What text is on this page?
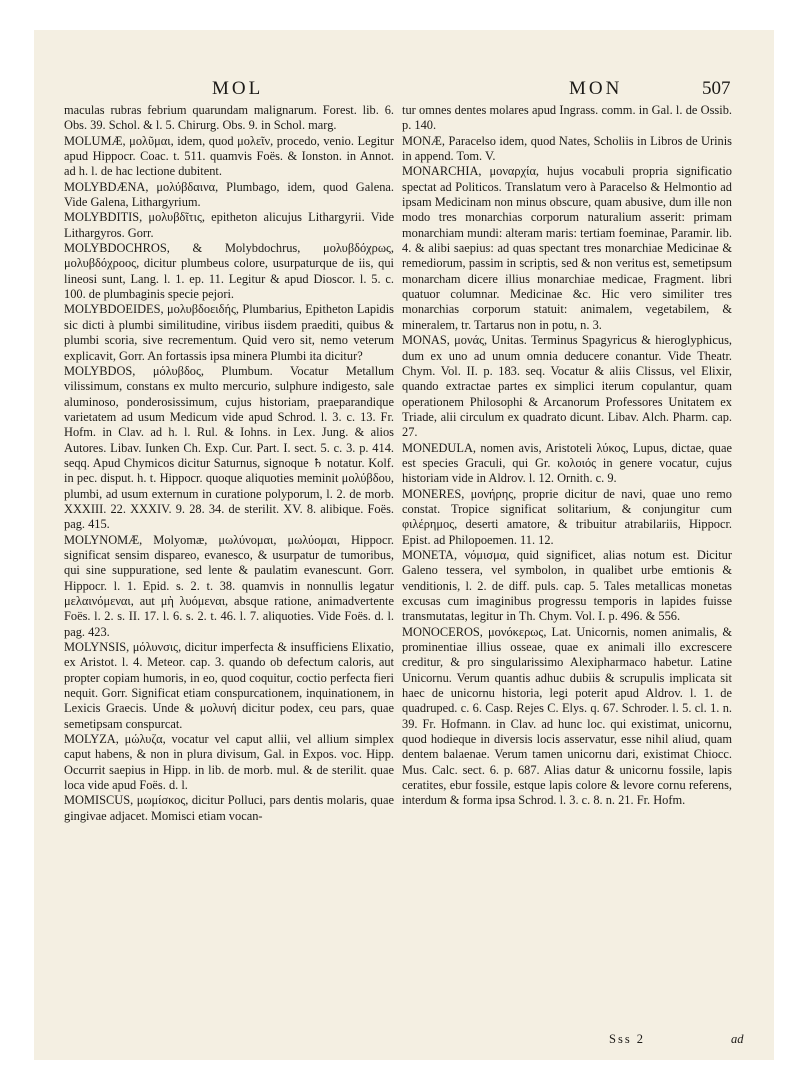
MOL	MON	507

maculas rubras febrium quarundam malignarum. Forest. lib. 6. Obs. 39. Schol. & l. 5. Chirurg. Obs. 9. in Schol. marg.

MOLUMÆ, μολῦμαι, idem, quod μολεῖν, procedo, venio. Legitur apud Hippocr. Coac. t. 511. quamvis Foës. & Ionston. in Annot. ad h. l. de hac lectione dubitent.

MOLYBDÆNA, μολύβδαινα, Plumbago, idem, quod Galena. Vide Galena, Lithargyrium.

MOLYBDITIS, μολυβδῖτις, epitheton alicujus Lithargyrii. Vide Lithargyros. Gorr.

MOLYBDOCHROS, & Molybdochrus, μολυβδόχρως, μολυβδόχροος, dicitur plumbeus colore, usurpaturque de iis, qui lineosi sunt, Lang. l. 1. ep. 11. Legitur & apud Dioscor. l. 5. c. 100. de plumbaginis specie pejori.

MOLYBDOEIDES, μολυβδοειδής, Plumbarius, Epitheton Lapidis sic dicti à plumbi similitudine, viribus iisdem praediti, quibus & plumbi scoria, sive recrementum. Quid vero sit, nemo veterum explicavit, Gorr. An fortassis ipsa minera Plumbi ita dicitur?

MOLYBDOS, μόλυβδος, Plumbum. Vocatur Metallum vilissimum, constans ex multo mercurio, sulphure indigesto, sale aluminoso, ponderosissimum, cujus historiam, praeparandique varietatem ad usum Medicum vide apud Schrod. l. 3. c. 13. Fr. Hofm. in Clav. ad h. l. Rul. & Iohns. in Lex. Jung. & alios Autores. Libav. Iunken Ch. Exp. Cur. Part. I. sect. 5. c. 3. p. 414. seqq. Apud Chymicos dicitur Saturnus, signoque ♄ notatur. Kolf. in pec. disput. h. t. Hippocr. quoque aliquoties meminit μολύβδου, plumbi, ad usum externum in curatione polyporum, l. 2. de morb. XXXIII. 22. XXXIV. 9. 28. 34. de sterilit. XV. 8. alibique. Foës. pag. 415.

MOLYNOMÆ, Molyomæ, μωλύνομαι, μωλύομαι, Hippocr. significat sensim dispareo, evanesco, & usurpatur de tumoribus, qui sine suppuratione, sed lente & paulatim evanescunt. Gorr. Hippocr. l. 1. Epid. s. 2. t. 38. quamvis in nonnullis legatur μελαινόμεναι, aut μὴ λυόμεναι, absque ratione, animadvertente Foës. l. 2. s. II. 17. l. 6. s. 2. t. 46. l. 7. aliquoties. Vide Foës. d. l. pag. 423.

MOLYNSIS, μόλυνσις, dicitur imperfecta & insufficiens Elixatio, ex Aristot. l. 4. Meteor. cap. 3. quando ob defectum caloris, aut propter copiam humoris, in eo, quod coquitur, coctio perfecta fieri nequit. Gorr. Significat etiam conspurcationem, inquinationem, in Lexicis Graecis. Unde & μολυνή dicitur podex, ceu pars, quae semetipsam conspurcat.

MOLYZA, μώλυζα, vocatur vel caput allii, vel allium simplex caput habens, & non in plura divisum, Gal. in Expos. voc. Hipp. Occurrit saepius in Hipp. in lib. de morb. mul. & de sterilit. quae loca vide apud Foës. d. l.

MOMISCUS, μωμίσκος, dicitur Polluci, pars dentis molaris, quae gingivae adjacet. Momisci etiam vocan-

tur omnes dentes molares apud Ingrass. comm. in Gal. l. de Ossib. p. 140.

MONÆ, Paracelso idem, quod Nates, Scholiis in Libros de Urinis in append. Tom. V.

MONARCHIA, μοναρχία, hujus vocabuli propria significatio spectat ad Politicos. Translatum vero à Paracelso & Helmontio ad ipsam Medicinam non minus obscure, quam abusive, dum ille non modo tres monarchias corporum naturalium asserit: primam monarchiam mundi: alteram maris: tertiam foeminae, Paramir. lib. 4. & alibi saepius: ad quas spectant tres monarchiae Medicinae & remediorum, passim in scriptis, sed & non veritus est, semetipsum monarcham dicere illius monarchiae medicae, Fragment. libri quatuor columnar. Medicinae &c. Hic vero similiter tres monarchias corporum statuit: animalem, vegetabilem, & mineralem, tr. Tartarus non in potu, n. 3.

MONAS, μονάς, Unitas. Terminus Spagyricus & hieroglyphicus, dum ex uno ad unum omnia deducere conantur. Vide Theatr. Chym. Vol. II. p. 183. seq. Vocatur & aliis Clissus, vel Elixir, quando extractae partes ex simplici iterum copulantur, quam operationem Philosophi & Arcanorum Professores Unitatem ex Triade, alii circulum ex quadrato dicunt. Libav. Alch. Pharm. cap. 27.

MONEDULA, nomen avis, Aristoteli λύκος, Lupus, dictae, quae est species Graculi, qui Gr. κολοιός in genere vocatur, cujus historiam vide in Aldrov. l. 12. Ornith. c. 9.

MONERES, μονήρης, proprie dicitur de navi, quae uno remo constat. Tropice significat solitarium, & conjungitur cum φιλέρημος, deserti amatore, & tribuitur atrabilariis, Hippocr. Epist. ad Philopoemen. 11. 12.

MONETA, νόμισμα, quid significet, alias notum est. Dicitur Galeno tessera, vel symbolon, in qualibet urbe emtionis & venditionis, l. 2. de diff. puls. cap. 5. Tales metallicas monetas excusas cum imaginibus progressu temporis in lapides fuisse transmutatas, legitur in Th. Chym. Vol. I. p. 496. & 556.

MONOCEROS, μονόκερως, Lat. Unicornis, nomen animalis, & prominentiae illius osseae, quae ex animali illo excrescere creditur, & pro singularissimo Alexipharmaco habetur. Latine Unicornu. Verum quantis adhuc dubiis & scrupulis implicata sit haec de unicornu historia, legi poterit apud Aldrov. l. 1. de quadruped. c. 6. Casp. Rejes C. Elys. q. 67. Schroder. l. 5. cl. 1. n. 39. Fr. Hofmann. in Clav. ad hunc loc. qui existimat, unicornu, quod hodieque in diversis locis asservatur, esse nihil aliud, quam dentem balaenae. Verum tamen unicornu dari, existimat Chiocc. Mus. Calc. sect. 6. p. 687. Alias datur & unicornu fossile, lapis ceratites, ebur fossile, estque lapis colore & levore cornu referens, interdum & forma ipsa Schrod. l. 3. c. 8. n. 21. Fr. Hofm.

Sss 2	ad
